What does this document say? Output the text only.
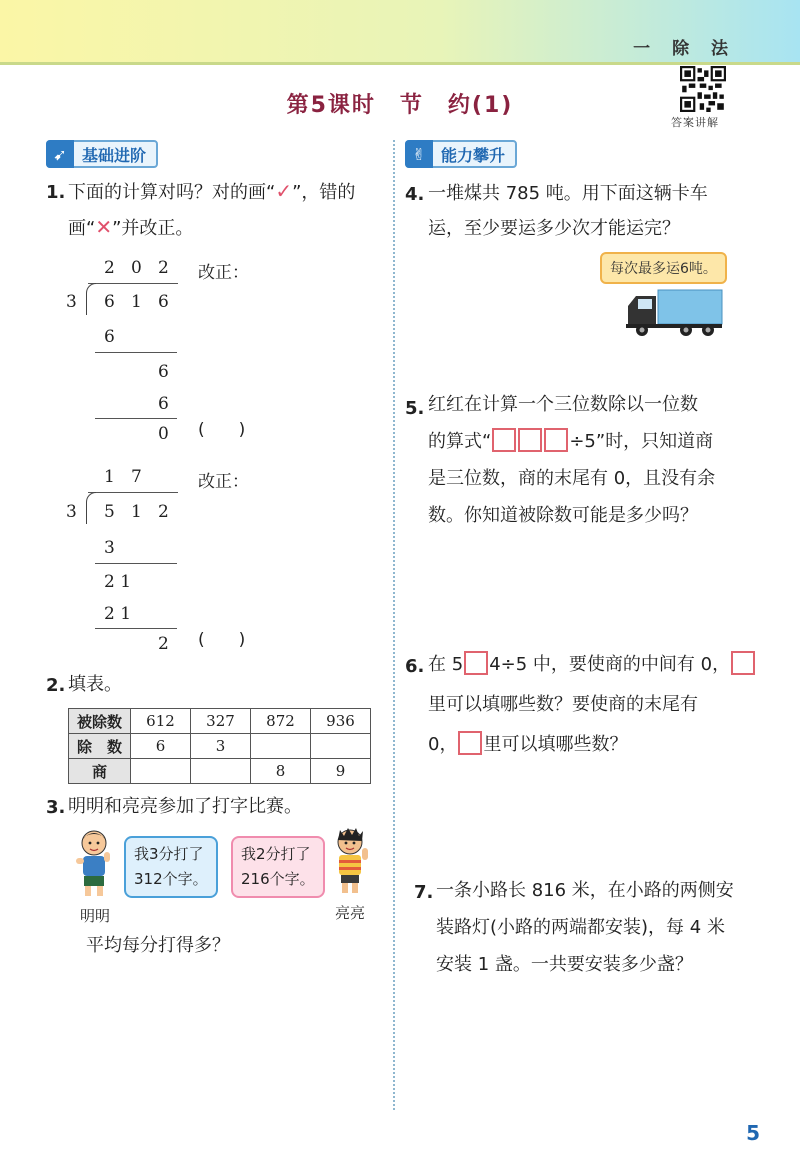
一 除 法
答案讲解
第5课时　节　约(1)
➹ 基础进阶
1. 下面的计算对吗？对的画“✓”，错的
画“✕”并改正。
2 0 2
3 6 1 6
6
6
6
0
改正：
(　　)
1 7
3 5 1 2
3
2 1
2 1
2
改正：
(　　)
2. 填表。
被除数	612	327	872	936
除　数	6	3		
商			8	9
3. 明明和亮亮参加了打字比赛。
我3分打了
312个字。
我2分打了
216个字。
明明	亮亮
平均每分打得多？
✌ 能力攀升
4. 一堆煤共 785 吨。用下面这辆卡车
运，至少要运多少次才能运完？
每次最多运6吨。
5. 红红在计算一个三位数除以一位数
的算式“	÷5”时，只知道商
是三位数，商的末尾有 0，且没有余
数。你知道被除数可能是多少吗？
6. 在 5 4÷5 中，要使商的中间有 0，
里可以填哪些数？要使商的末尾有
0， 里可以填哪些数？
7. 一条小路长 816 米，在小路的两侧安
装路灯(小路的两端都安装)，每 4 米
安装 1 盏。一共要安装多少盏？
5
